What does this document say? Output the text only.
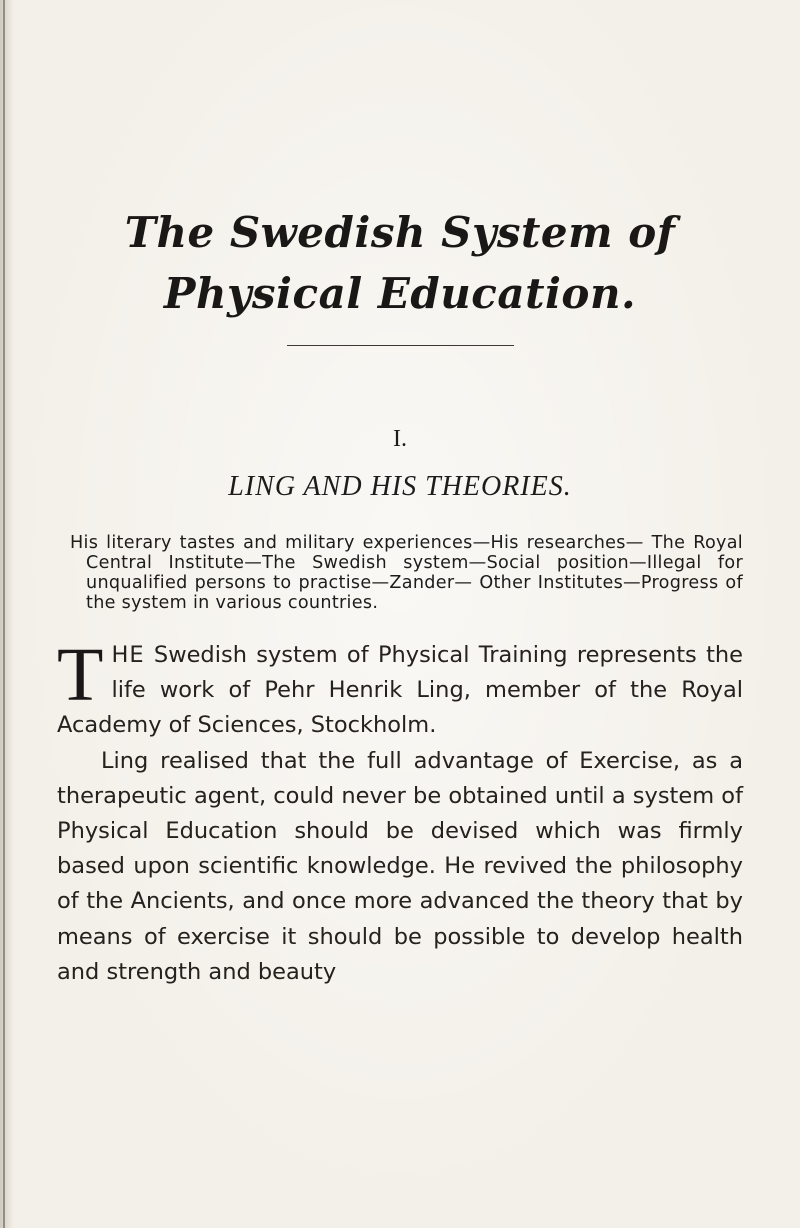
The Swedish System of
Physical Education.
I.
LING AND HIS THEORIES.
His literary tastes and military experiences—His researches— The Royal Central Institute—The Swedish system—Social position—Illegal for unqualified persons to practise—Zander— Other Institutes—Progress of the system in various countries.

THE Swedish system of Physical Training represents the life work of Pehr Henrik Ling, member of the Royal Academy of Sciences, Stockholm.

Ling realised that the full advantage of Exercise, as a therapeutic agent, could never be obtained until a system of Physical Education should be devised which was firmly based upon scientific knowledge. He revived the philosophy of the Ancients, and once more advanced the theory that by means of exercise it should be possible to develop health and strength and beauty
